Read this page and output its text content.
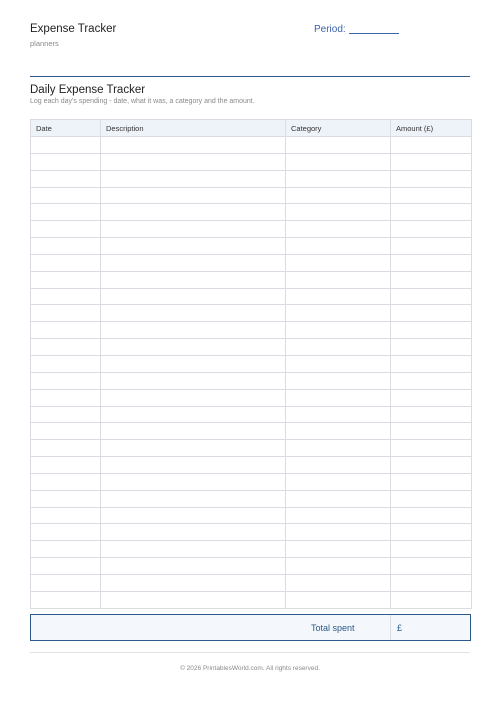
Expense Tracker
planners
Period:
Daily Expense Tracker
Log each day's spending - date, what it was, a category and the amount.
Date	Description	Category	Amount (£)

Total spent	£
© 2026 PrintablesWorld.com. All rights reserved.
